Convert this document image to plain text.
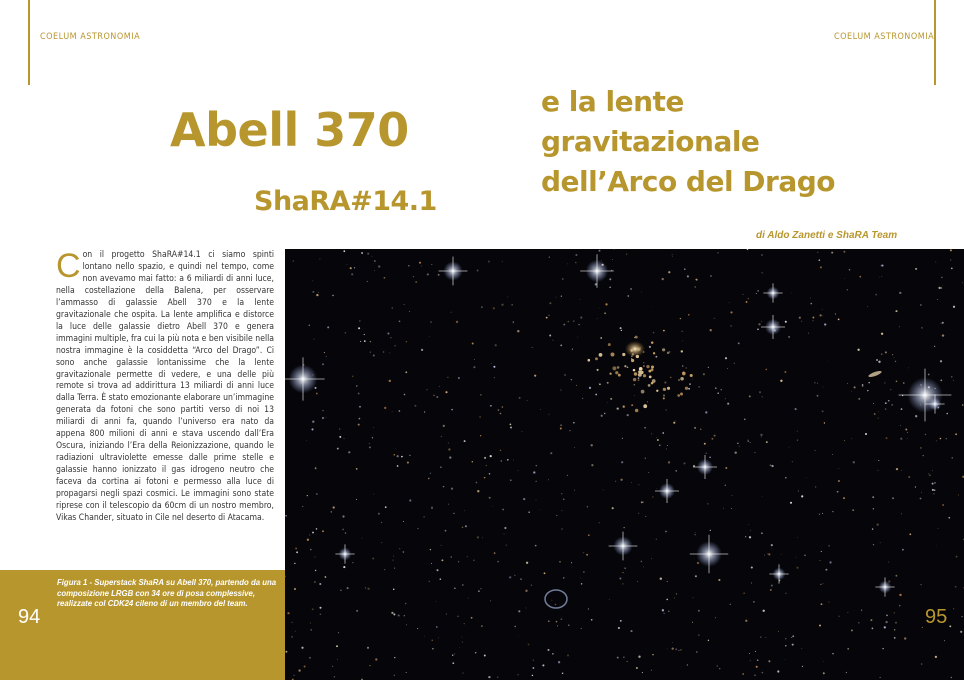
COELUM ASTRONOMIA	COELUM ASTRONOMIA
Abell 370
ShaRA#14.1
e la lente
gravitazionale
dell’Arco del Drago
di Aldo Zanetti e ShaRA Team
Con il progetto ShaRA#14.1 ci siamo spinti lontano nello spazio, e quindi nel tempo, come non avevamo mai fatto: a 6 miliardi di anni luce, nella costellazione della Balena, per osservare l’ammasso di galassie Abell 370 e la lente gravitazionale che ospita. La lente amplifica e distorce la luce delle galassie dietro Abell 370 e genera immagini multiple, fra cui la più nota e ben visibile nella nostra immagine è la cosiddetta “Arco del Drago”. Ci sono anche galassie lontanissime che la lente gravitazionale permette di vedere, e una delle più remote si trova ad addirittura 13 miliardi di anni luce dalla Terra. È stato emozionante elaborare un’immagine generata da fotoni che sono partiti verso di noi 13 miliardi di anni fa, quando l’universo era nato da appena 800 milioni di anni e stava uscendo dall’Era Oscura, iniziando l’Era della Reionizzazione, quando le radiazioni ultraviolette emesse dalle prime stelle e galassie hanno ionizzato il gas idrogeno neutro che faceva da cortina ai fotoni e permesso alla luce di propagarsi negli spazi cosmici. Le immagini sono state riprese con il telescopio da 60cm di un nostro membro, Vikas Chander, situato in Cile nel deserto di Atacama.
Figura 1 - Superstack ShaRA su Abell 370, partendo da una composizione LRGB con 34 ore di posa complessive, realizzate col CDK24 cileno di un membro del team.
94	95
